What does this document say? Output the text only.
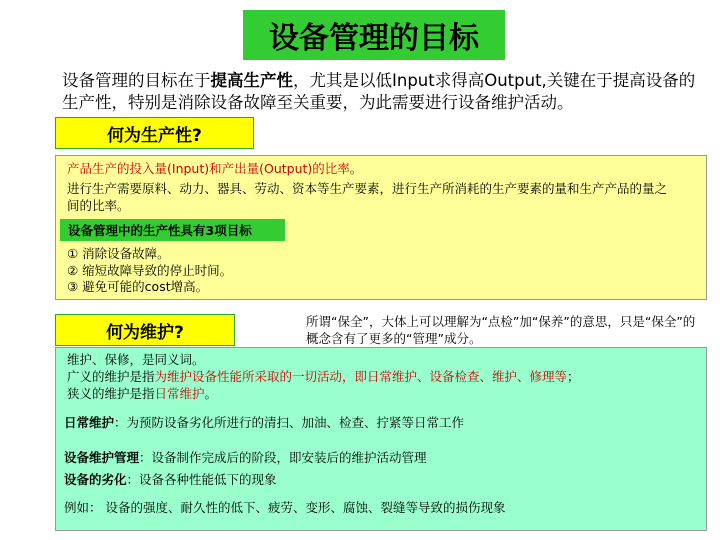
设备管理的目标
设备管理的目标在于提高生产性，尤其是以低Input求得高Output,关键在于提高设备的生产性，特别是消除设备故障至关重要，为此需要进行设备维护活动。
何为生产性?
产品生产的投入量(Input)和产出量(Output)的比率。
进行生产需要原料、动力、器具、劳动、资本等生产要素，进行生产所消耗的生产要素的量和生产产品的量之间的比率。
设备管理中的生产性具有3项目标
① 消除设备故障。
② 缩短故障导致的停止时间。
③ 避免可能的cost增高。
何为维护?
所谓“保全”，大体上可以理解为“点检”加“保养”的意思，只是“保全”的概念含有了更多的“管理”成分。
维护、保修，是同义词。
广义的维护是指为维护设备性能所采取的一切活动，即日常维护、设备检查、维护、修理等；
狭义的维护是指日常维护。
日常维护：为预防设备劣化所进行的清扫、加油、检查、拧紧等日常工作
设备维护管理：设备制作完成后的阶段，即安装后的维护活动管理
设备的劣化：设备各种性能低下的现象
例如： 设备的强度、耐久性的低下、疲劳、变形、腐蚀、裂缝等导致的损伤现象
